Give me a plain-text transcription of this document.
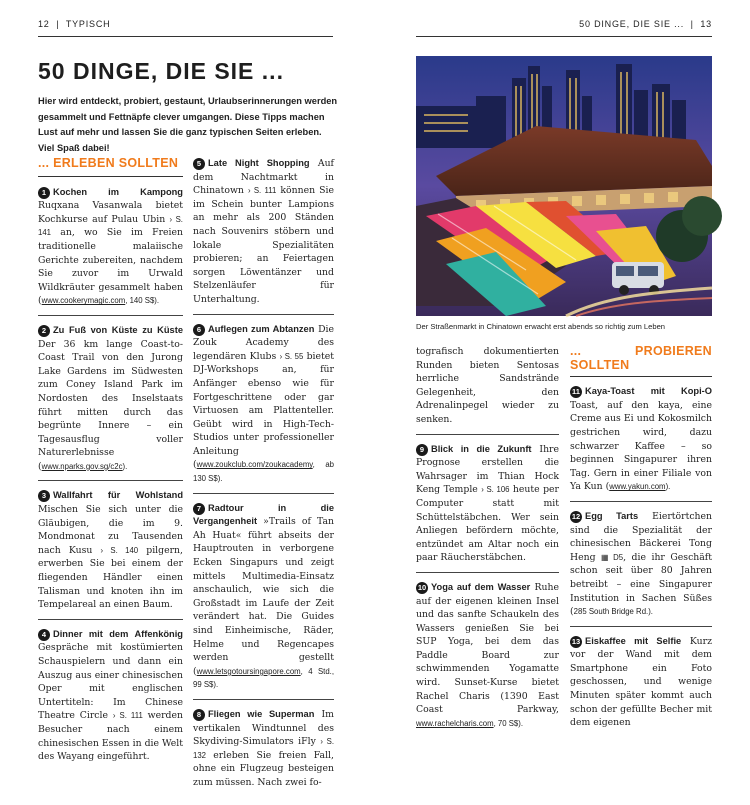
12  |  TYPISCH	50 DINGE, DIE SIE ...  |  13
50 DINGE, DIE SIE ...

Hier wird entdeckt, probiert, gestaunt, Urlaubserinnerungen werden gesammelt und Fettnäpfe clever umgangen. Diese Tipps machen Lust auf mehr und lassen Sie die ganz typischen Seiten erleben. Viel Spaß dabei!

... ERLEBEN SOLLTEN
1 Kochen im Kampong Ruqxana Vasanwala bietet Kochkurse auf Pulau Ubin › S. 141 an, wo Sie im Freien traditionelle malaiische Gerichte zubereiten, nachdem Sie zuvor im Urwald Wildkräuter gesammelt haben (www.cookerymagic.com, 140 S$).
2 Zu Fuß von Küste zu Küste Der 36 km lange Coast-to-Coast Trail von den Jurong Lake Gardens im Südwesten zum Coney Island Park im Nordosten des Inselstaats führt mitten durch das begrünte Innere – ein Tagesausflug voller Naturerlebnisse (www.nparks.gov.sg/c2c).
3 Wallfahrt für Wohlstand Mischen Sie sich unter die Gläubigen, die im 9. Mondmonat zu Tausenden nach Kusu › S. 140 pilgern, erwerben Sie bei einem der fliegenden Händler einen Talisman und knoten ihn im Tempelareal an einen Baum.
4 Dinner mit dem Affenkönig Gespräche mit kostümierten Schauspielern und dann ein Auszug aus einer chinesischen Oper mit englischen Untertiteln: Im Chinese Theatre Circle › S. 111 werden Besucher nach einem chinesischen Essen in die Welt des Wayang eingeführt.
5 Late Night Shopping Auf dem Nachtmarkt in Chinatown › S. 111 können Sie im Schein bunter Lampions an mehr als 200 Ständen nach Souvenirs stöbern und lokale Spezialitäten probieren; an Feiertagen sorgen Löwentänzer und Stelzenläufer für Unterhaltung.
6 Auflegen zum Abtanzen Die Zouk Academy des legendären Klubs › S. 55 bietet DJ-Workshops an, für Anfänger ebenso wie für Fortgeschrittene oder gar Virtuosen am Plattenteller. Geübt wird in High-Tech-Studios unter professioneller Anleitung (www.zoukclub.com/zoukacademy, ab 130 S$).
7 Radtour in die Vergangenheit »Trails of Tan Ah Huat« führt abseits der Hauptrouten in verborgene Ecken Singapurs und zeigt mittels Multimedia-Einsatz anschaulich, wie sich die Großstadt im Laufe der Zeit verändert hat. Die Guides sind Einheimische, Räder, Helme und Regencapes werden gestellt (www.letsgotoursingapore.com, 4 Std., 99 S$).
8 Fliegen wie Superman Im vertikalen Windtunnel des Skydiving-Simulators iFly › S. 132 erleben Sie freien Fall, ohne ein Flugzeug besteigen zum müssen. Nach zwei fo-
Der Straßenmarkt in Chinatown erwacht erst abends so richtig zum Leben
tografisch dokumentierten Runden bieten Sentosas herrliche Sandstrände Gelegenheit, den Adrenalinpegel wieder zu senken.
9 Blick in die Zukunft Ihre Prognose erstellen die Wahrsager im Thian Hock Keng Temple › S. 106 heute per Computer statt mit Schüttelstäbchen. Wer sein Anliegen befördern möchte, entzündet am Altar noch ein paar Räucherstäbchen.
10 Yoga auf dem Wasser Ruhe auf der eigenen kleinen Insel und das sanfte Schaukeln des Wassers genießen Sie bei SUP Yoga, bei dem das Paddle Board zur schwimmenden Yogamatte wird. Sunset-Kurse bietet Rachel Charis (1390 East Coast Parkway, www.rachelcharis.com, 70 S$).
... PROBIEREN SOLLTEN
11 Kaya-Toast mit Kopi-O Toast, auf den kaya, eine Creme aus Ei und Kokosmilch gestrichen wird, dazu schwarzer Kaffee – so beginnen Singapurer ihren Tag. Gern in einer Filiale von Ya Kun (www.yakun.com).
12 Egg Tarts Eiertörtchen sind die Spezialität der chinesischen Bäckerei Tong Heng ▦ D5, die ihr Geschäft schon seit über 80 Jahren betreibt – eine Singapurer Institution in Sachen Süßes (285 South Bridge Rd.).
13 Eiskaffee mit Selfie Kurz vor der Wand mit dem Smartphone ein Foto geschossen, und wenige Minuten später kommt auch schon der gefüllte Becher mit dem eigenen
